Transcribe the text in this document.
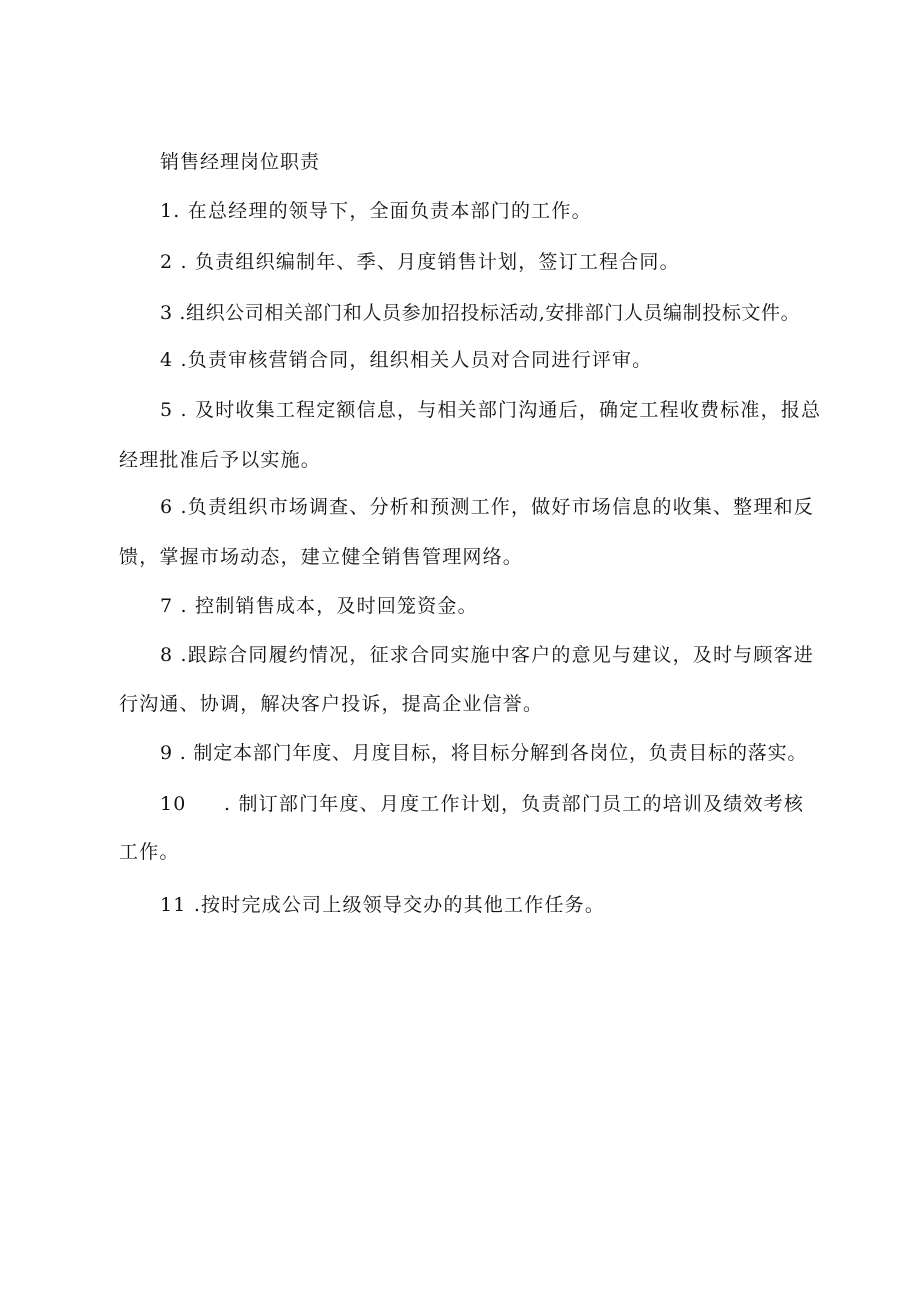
销售经理岗位职责
1. 在总经理的领导下，全面负责本部门的工作。
2 . 负责组织编制年、季、月度销售计划，签订工程合同。
3 .组织公司相关部门和人员参加招投标活动,安排部门人员编制投标文件。
4 .负责审核营销合同，组织相关人员对合同进行评审。
5 . 及时收集工程定额信息，与相关部门沟通后，确定工程收费标准，报总
经理批准后予以实施。
6 .负责组织市场调查、分析和预测工作，做好市场信息的收集、整理和反
馈，掌握市场动态，建立健全销售管理网络。
7 . 控制销售成本，及时回笼资金。
8 .跟踪合同履约情况，征求合同实施中客户的意见与建议，及时与顾客进
行沟通、协调，解决客户投诉，提高企业信誉。
9 . 制定本部门年度、月度目标，将目标分解到各岗位，负责目标的落实。
10 . 制订部门年度、月度工作计划，负责部门员工的培训及绩效考核
工作。
11 .按时完成公司上级领导交办的其他工作任务。
